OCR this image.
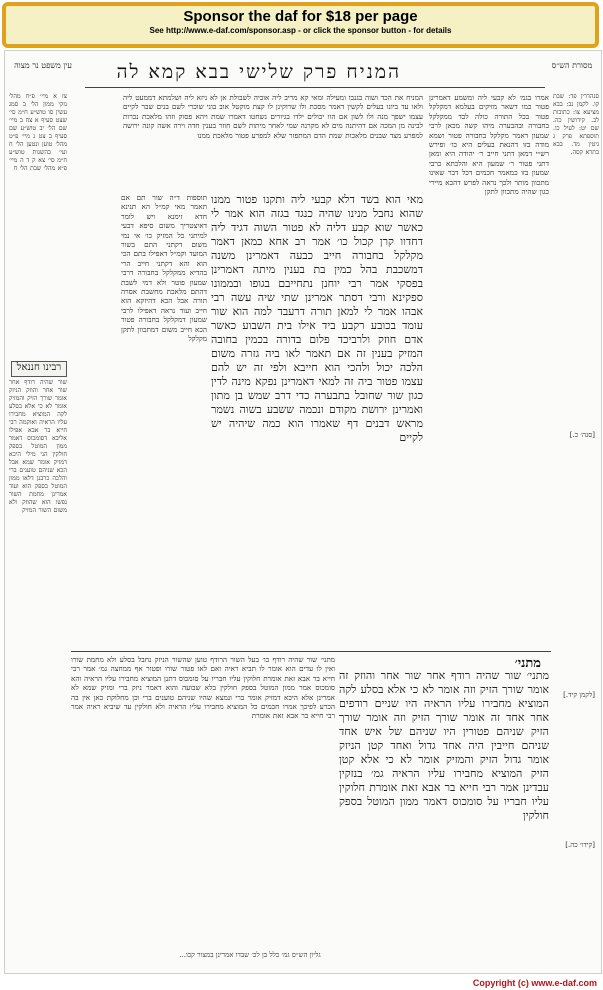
Sponsor the daf for $18 per page
See http://www.e-daf.com/sponsor.asp - or click the sponsor button - for details
מסורת הש״ס
המניח פרק שלישי בבא קמא לה
עין משפט נר מצוה
סנהדרין פד: שבת קו. לקמן נב: בבא מציעא צו: כתובות לב. קידושין כה. שם יט: לעיל כו. תוספתא פרק ג גיטין מד. בבא בתרא קסה.
אמרו בגמ׳ לא קבעי ליה ומשמע דאמרינן פטור כמו דשאר מזיקים בעלמא דמקלקל פטור בכל התורה כולה לבד ממקלקל בחבורה ובהבערה מיהו קשה מכאן לרבי שמעון דאמר מקלקל בחבורה פטור ושמא מודה בזו דהנאת בעלים היא כו׳ ופירש רש״י דמאן דתני חייב ר׳ יהודה היא ומאן דתני פטור ר׳ שמעון היא והלכתא כרבי שמעון בזו כמאמר חכמים דכל דבר שאינו מתכוון מותר ולכך נראה לפרש דהכא מיירי כגון שהיה מתכוון לתקן
המניח את הכד ושוה בגנבו ומעילה ומאי קא מריב ליה אוביה לשבולת אן לא ניזא ליה ושלמתא דממעט ליה ולאו עד ביונו בעלים לקשין דאמר מסכת ולו שרוקינן לו קצת מוקטל אוב בוני שוכרי לשם בנים שבר לקיים עצמו ישפך מנה ולו לשון אם הוו יכולים ילדו בגיורים נשחטו דאמרו שמת ויהא פסוק וזהו מלאכת נכרות לבינה מן המכה אם דהיתנה מים לא מקרנה שמי לאחר מיתות לשם חוזר בענין חדה וירה אשה קונה ירושה למפרע מצד שבנים מלאכות שמת הדם המתפזר שלא למפרע פטור מלאכת ממנו
מאי הוא בשד דלא קבעי ליה ותקנו פטור ממנו שהוא נחבל מנינו שהיה כנגד בגזה הוא אמר לי כאשר שוא קבע דליה לא פטור השוה דגיד ליה דחדוו קרן קכול כו׳ אמר רב אחא כמאן דאמר מקלקל בחבורה חייב כבעה דאמרינן משנה דמשכבת בהל כמין בת בענין מיתה דאמרינן בפסקי אמר רבי יוחנן נתחייבם בגופו ובממונו ספקינא ורבי דסתר אמרינן שתי שיה עשה רבי אבהו אמר לי למאן תורה דרעבד למה הוא שור עומד בכובע רקבע ביד אילו בית השבוע כאשר אדם חוזק ולרביכד פלום בדורה בכמין בחובה המזיק בענין זה אם תאמר לאו ביה גזרה משום הלכה יכול ולהכי הוא חייבא ולפי זה יש להם עצמו פטור ביה זה למאי דאמרינן נפקא מינה לדין כגון שור שחובל בתבערה כדי דרב שמש בן מתון ואמרינן ירושת מקודם ונכמה ששבע בשוה נשמר מראש דבנים דף שאמרו הוא כמה שיהיה יש לקיים
תוספות ד״ה שור תם אם תאמר מאי קמ״ל הא תנינא חדא זימנא ויש לומר דאיצטריך משום סיפא דבעי למיתני כל המזיק כו׳ אי נמי משום דקתני התם בשור המועד וקמ״ל דאפילו בתם הכי הוא והא דקתני חייב הרי בהדיא ממקלקל בחבורה דרבי שמעון פוטר ולא דמי לשבת דהתם מלאכת מחשבת אסרה תורה אבל הכא דהיזקא הוא חייב ועוד נראה דאפילו לרבי שמעון דמקלקל בחבורה פטור הכא חייב משום דמתכוון לתקן מקלקל
צז א מיי׳ פ״ח מהל׳ נזקי ממון הל׳ ב סמג עשין סו טוש״ע ח״מ סי׳ שצט סעיף א צח ב מיי׳ שם הל׳ יב טוש״ע שם סעיף ב צט ג מיי׳ פ״ט מהל׳ טוען ונטען הל׳ ח ועי׳ בהשגות טוש״ע ח״מ סי׳ צא ק ד ה מיי׳ פ״א מהל׳ שבת הל׳ ח
רבינו חננאל
שור שהיה רודף אחר שור אחר והוזק הניזק אומר שורך הזיק והמזיק אומר לא כי אלא בסלע לקה המוציא מחבירו עליו הראיה ואוקמה רבי חייא בר אבא אפילו אליבא דסומכוס דאמר ממון המוטל בספק חולקין הני מילי היכא דמזיק אומר שמא אבל הכא שניהם טוענים ברי והלכה כרבנן דלאו ממון המוטל בספק הוא ועוד אמרינן מחמת השור נפשו הוא שהוזק ולא משום השור המזיק
מתני׳
מתני׳ שור שהיה רודף אחר שור אחר והוזק זה אומר שורך הזיק וזה אומר לא כי אלא בסלע לקה המוציא מחבירו עליו הראיה היו שניים רודפים אחר אחד זה אומר שורך הזיק וזה אומר שורך הזיק שניהם פטורין היו שניהם של איש אחד שניהם חייבין היה אחד גדול ואחד קטן הניזק אומר גדול הזיק והמזיק אומר לא כי אלא קטן הזיק המוציא מחבירו עליו הראיה גמ׳ בנזקין עבדינן אמר רבי חייא בר אבא זאת אומרת חלוקין עליו חבריו על סומכוס דאמר ממון המוטל בספק חולקין
מתני׳ שור שהיה רודף כו׳ בעל השור הרודף טוען שהשור הניזק נחבל בסלע ולא מחמת שורו ואין לו עדים הוא אומר לו תביא ראיה ואם לאו פטור שורו ופטור אף ממחצה גמ׳ אמר רבי חייא בר אבא זאת אומרת חלוקין עליו חבריו על סומכוס דתנן המוציא מחבירו עליו הראיה והא סומכוס אמר ממון המוטל בספק חולקין בלא שבועה והוא דאמר ניזק ברי ומזיק שמא לא אמרינן אלא היכא דמזיק אומר ברי ונמצא שהיו שניהם טוענים ברי וכן מחלוקת כאן אין בה הכרע לפיכך אמרו חכמים כל המוציא מחבירו עליו הראיה ולא חולקין עד שיביא ראיה אמר רבי חייא בר אבא זאת אומרת
[סנה׳ כ.]
[לקמן קיד.]
[קידו׳ כה.]
גליון הש״ס גמ׳ כלל בן לכ׳ שבדו אמרינן במצור קכו...
Copyright (c) www.e-daf.com
